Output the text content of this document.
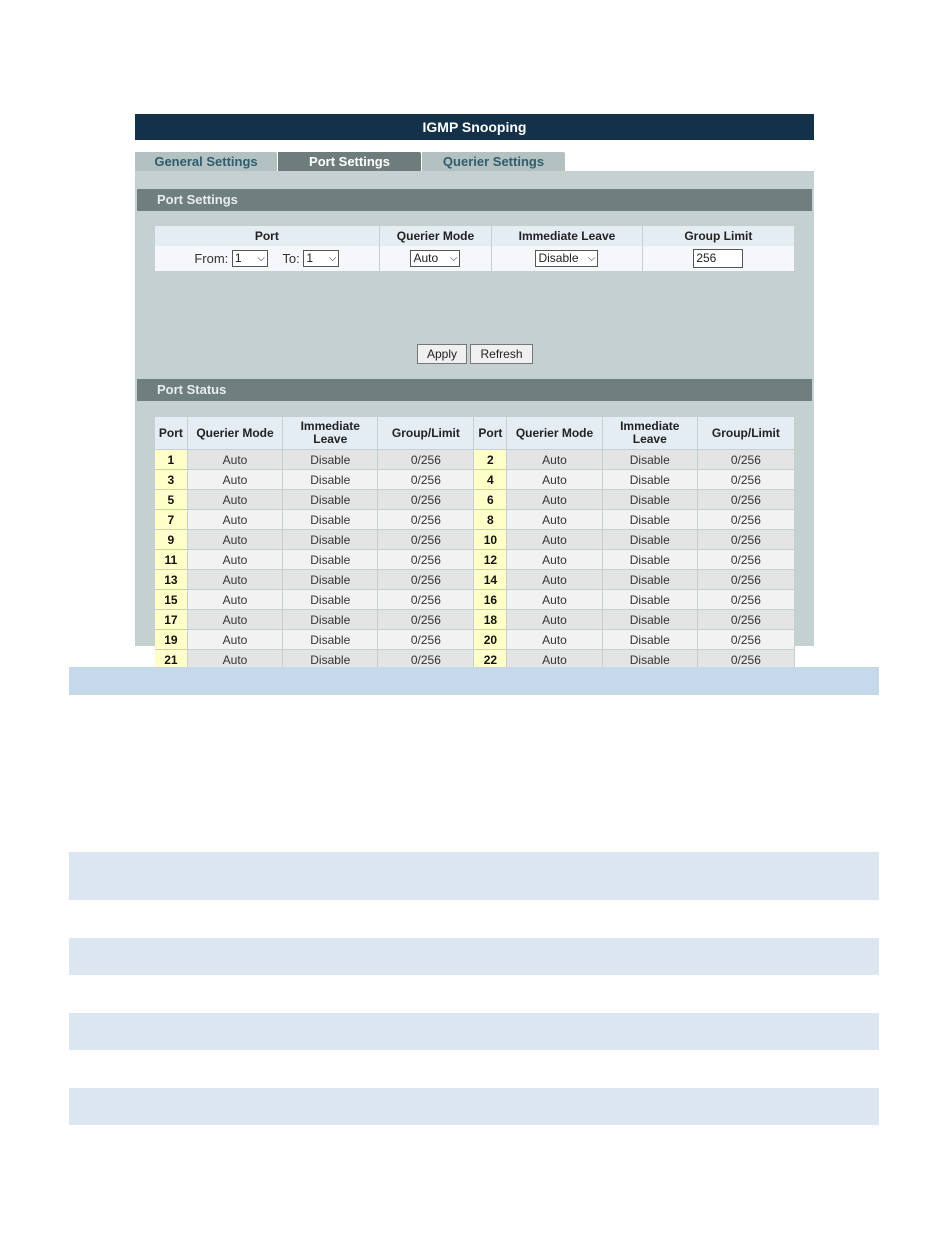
IGMP Snooping
General Settings	Port Settings	Querier Settings
Port Settings
Port	Querier Mode	Immediate Leave	Group Limit
From: 1 ⌵ To: 1 ⌵	Auto ⌵	Disable ⌵	256
Apply	Refresh
Port Status
Port	Querier Mode	Immediate Leave	Group/Limit	Port	Querier Mode	Immediate Leave	Group/Limit
1	Auto	Disable	0/256	2	Auto	Disable	0/256
3	Auto	Disable	0/256	4	Auto	Disable	0/256
5	Auto	Disable	0/256	6	Auto	Disable	0/256
7	Auto	Disable	0/256	8	Auto	Disable	0/256
9	Auto	Disable	0/256	10	Auto	Disable	0/256
11	Auto	Disable	0/256	12	Auto	Disable	0/256
13	Auto	Disable	0/256	14	Auto	Disable	0/256
15	Auto	Disable	0/256	16	Auto	Disable	0/256
17	Auto	Disable	0/256	18	Auto	Disable	0/256
19	Auto	Disable	0/256	20	Auto	Disable	0/256
21	Auto	Disable	0/256	22	Auto	Disable	0/256
